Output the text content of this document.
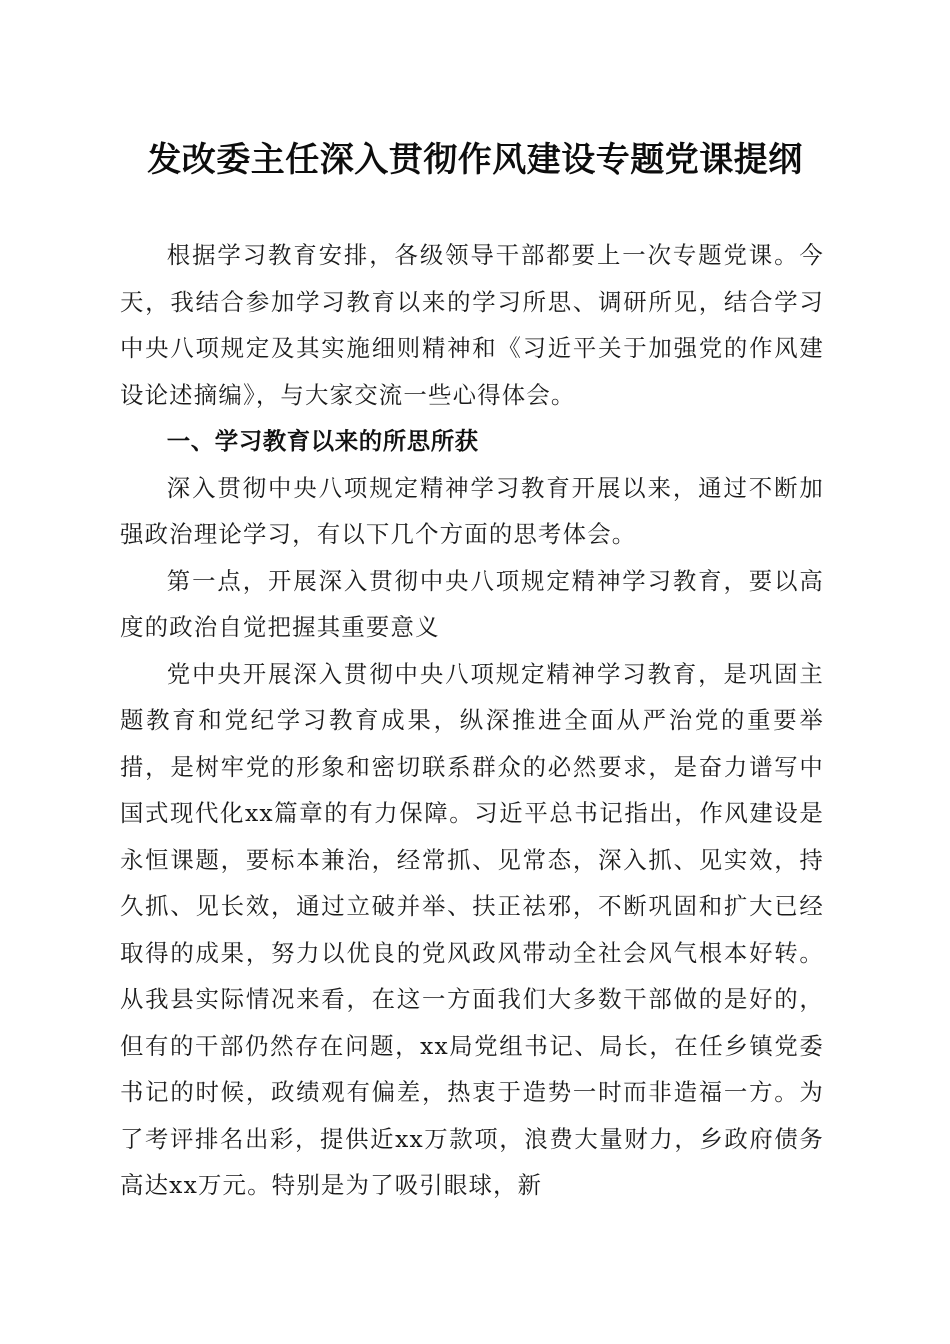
发改委主任深入贯彻作风建设专题党课提纲

根据学习教育安排，各级领导干部都要上一次专题党课。今天，我结合参加学习教育以来的学习所思、调研所见，结合学习中央八项规定及其实施细则精神和《习近平关于加强党的作风建设论述摘编》，与大家交流一些心得体会。

一、学习教育以来的所思所获

深入贯彻中央八项规定精神学习教育开展以来，通过不断加强政治理论学习，有以下几个方面的思考体会。

第一点，开展深入贯彻中央八项规定精神学习教育，要以高度的政治自觉把握其重要意义

党中央开展深入贯彻中央八项规定精神学习教育，是巩固主题教育和党纪学习教育成果，纵深推进全面从严治党的重要举措，是树牢党的形象和密切联系群众的必然要求，是奋力谱写中国式现代化xx篇章的有力保障。习近平总书记指出，作风建设是永恒课题，要标本兼治，经常抓、见常态，深入抓、见实效，持久抓、见长效，通过立破并举、扶正祛邪，不断巩固和扩大已经取得的成果，努力以优良的党风政风带动全社会风气根本好转。从我县实际情况来看，在这一方面我们大多数干部做的是好的，但有的干部仍然存在问题，xx局党组书记、局长，在任乡镇党委书记的时候，政绩观有偏差，热衷于造势一时而非造福一方。为了考评排名出彩，提供近xx万款项，浪费大量财力，乡政府债务高达xx万元。特别是为了吸引眼球，新
